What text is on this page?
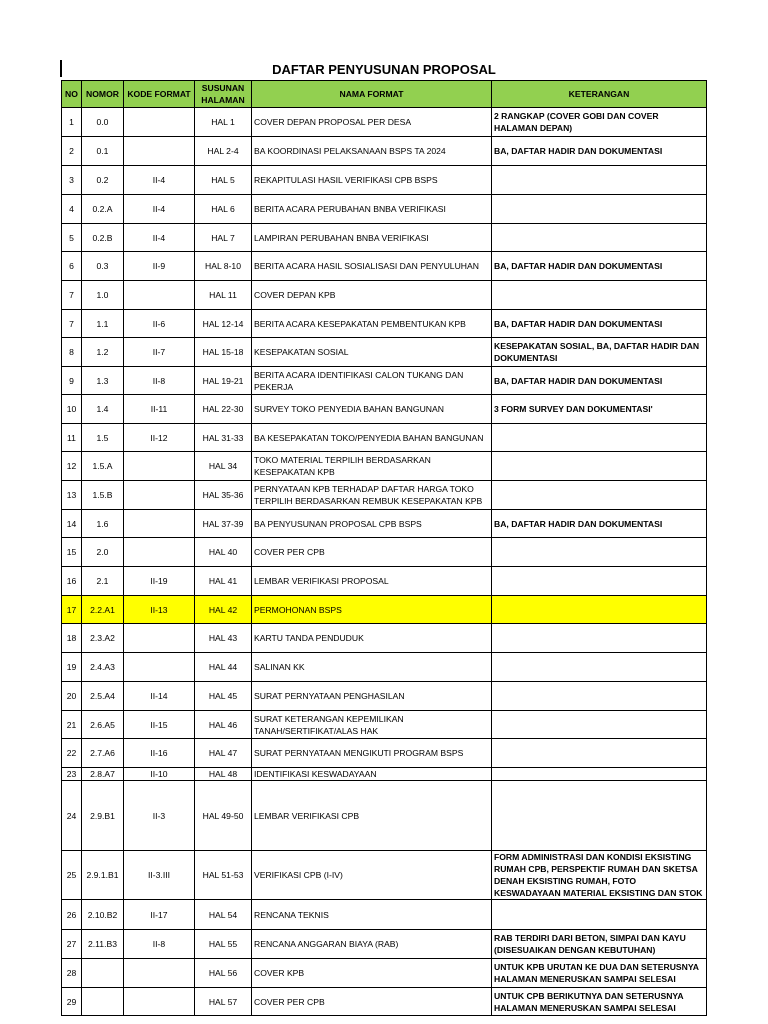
DAFTAR PENYUSUNAN PROPOSAL
NO	NOMOR	KODE FORMAT	SUSUNAN HALAMAN	NAMA FORMAT	KETERANGAN
1	0.0		HAL 1	COVER DEPAN PROPOSAL PER DESA	2 RANGKAP (COVER GOBI DAN COVER HALAMAN DEPAN)
2	0.1		HAL 2-4	BA KOORDINASI PELAKSANAAN BSPS TA 2024	BA, DAFTAR HADIR DAN DOKUMENTASI
3	0.2	II-4	HAL 5	REKAPITULASI HASIL VERIFIKASI CPB BSPS	
4	0.2.A	II-4	HAL 6	BERITA ACARA PERUBAHAN BNBA VERIFIKASI	
5	0.2.B	II-4	HAL 7	LAMPIRAN PERUBAHAN BNBA VERIFIKASI	
6	0.3	II-9	HAL 8-10	BERITA ACARA HASIL SOSIALISASI DAN PENYULUHAN	BA, DAFTAR HADIR DAN DOKUMENTASI
7	1.0		HAL 11	COVER DEPAN KPB	
7	1.1	II-6	HAL 12-14	BERITA ACARA KESEPAKATAN PEMBENTUKAN KPB	BA, DAFTAR HADIR DAN DOKUMENTASI
8	1.2	II-7	HAL 15-18	KESEPAKATAN SOSIAL	KESEPAKATAN SOSIAL, BA, DAFTAR HADIR DAN DOKUMENTASI
9	1.3	II-8	HAL 19-21	BERITA ACARA IDENTIFIKASI CALON TUKANG DAN PEKERJA	BA, DAFTAR HADIR DAN DOKUMENTASI
10	1.4	II-11	HAL 22-30	SURVEY TOKO PENYEDIA BAHAN BANGUNAN	3 FORM SURVEY DAN DOKUMENTASI'
11	1.5	II-12	HAL 31-33	BA KESEPAKATAN TOKO/PENYEDIA BAHAN BANGUNAN	
12	1.5.A		HAL 34	TOKO MATERIAL TERPILIH BERDASARKAN KESEPAKATAN KPB	
13	1.5.B		HAL 35-36	PERNYATAAN KPB TERHADAP DAFTAR HARGA TOKO TERPILIH BERDASARKAN REMBUK KESEPAKATAN KPB	
14	1.6		HAL 37-39	BA PENYUSUNAN PROPOSAL CPB BSPS	BA, DAFTAR HADIR DAN DOKUMENTASI
15	2.0		HAL 40	COVER PER CPB	
16	2.1	II-19	HAL 41	LEMBAR VERIFIKASI PROPOSAL	
17	2.2.A1	II-13	HAL 42	PERMOHONAN BSPS	
18	2.3.A2		HAL 43	KARTU TANDA PENDUDUK	
19	2.4.A3		HAL 44	SALINAN KK	
20	2.5.A4	II-14	HAL 45	SURAT PERNYATAAN PENGHASILAN	
21	2.6.A5	II-15	HAL 46	SURAT KETERANGAN KEPEMILIKAN TANAH/SERTIFIKAT/ALAS HAK	
22	2.7.A6	II-16	HAL 47	SURAT PERNYATAAN MENGIKUTI PROGRAM BSPS	
23	2.8.A7	II-10	HAL 48	IDENTIFIKASI KESWADAYAAN	
24	2.9.B1	II-3	HAL 49-50	LEMBAR VERIFIKASI CPB	
25	2.9.1.B1	II-3.III	HAL 51-53	VERIFIKASI CPB (I-IV)	FORM ADMINISTRASI DAN KONDISI EKSISTING RUMAH CPB, PERSPEKTIF RUMAH DAN SKETSA DENAH EKSISTING RUMAH, FOTO KESWADAYAAN MATERIAL EKSISTING DAN STOK
26	2.10.B2	II-17	HAL 54	RENCANA TEKNIS	
27	2.11.B3	II-8	HAL 55	RENCANA ANGGARAN BIAYA (RAB)	RAB TERDIRI DARI BETON, SIMPAI DAN KAYU (DISESUAIKAN DENGAN KEBUTUHAN)
28			HAL 56	COVER KPB	UNTUK KPB URUTAN KE DUA DAN SETERUSNYA HALAMAN MENERUSKAN SAMPAI SELESAI
29			HAL 57	COVER PER CPB	UNTUK CPB BERIKUTNYA DAN SETERUSNYA HALAMAN MENERUSKAN SAMPAI SELESAI
